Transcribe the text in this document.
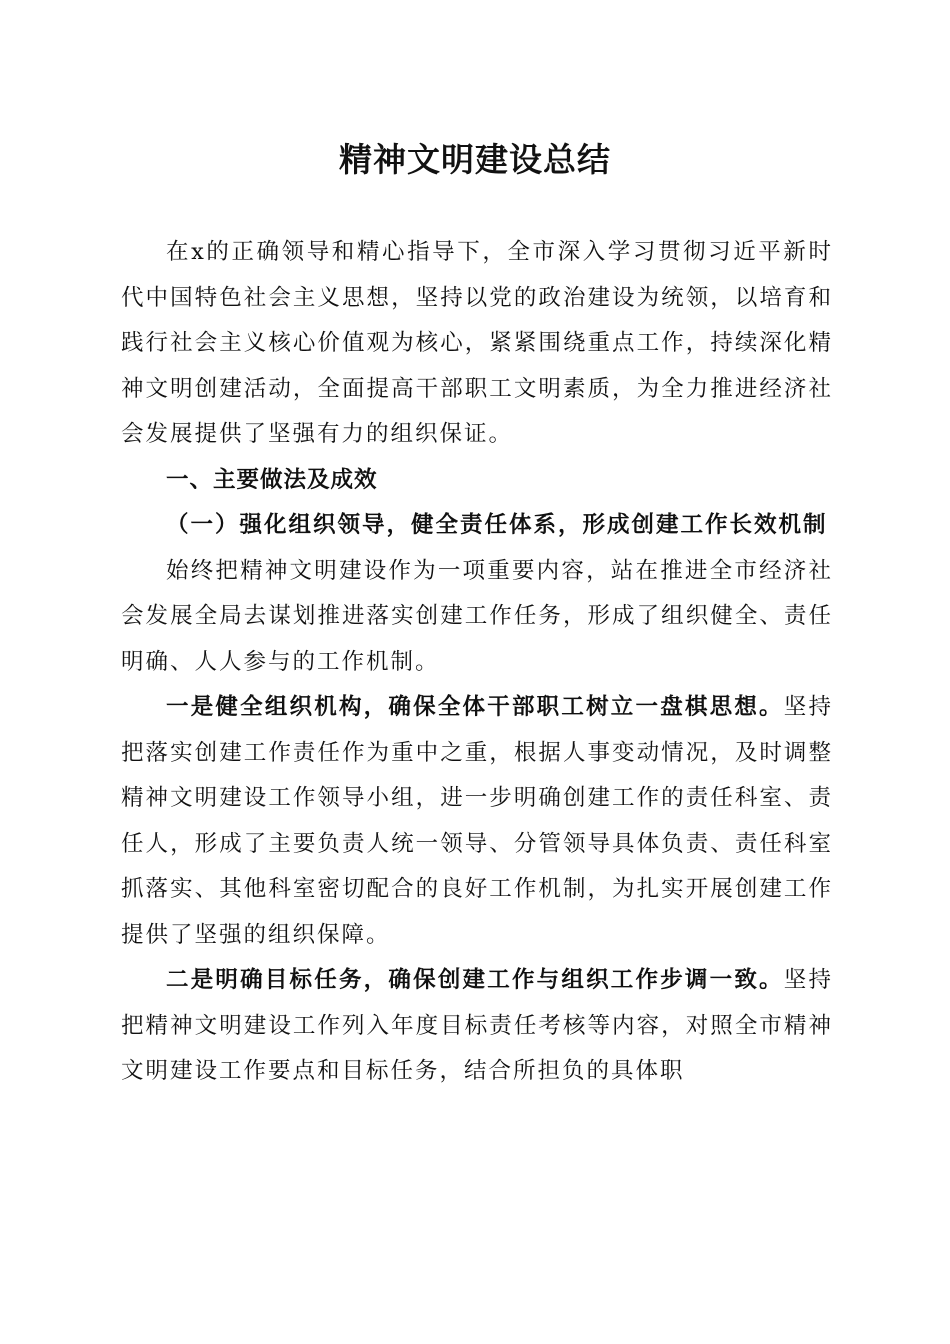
精神文明建设总结

在x的正确领导和精心指导下，全市深入学习贯彻习近平新时代中国特色社会主义思想，坚持以党的政治建设为统领，以培育和践行社会主义核心价值观为核心，紧紧围绕重点工作，持续深化精神文明创建活动，全面提高干部职工文明素质，为全力推进经济社会发展提供了坚强有力的组织保证。

一、主要做法及成效

（一）强化组织领导，健全责任体系，形成创建工作长效机制

始终把精神文明建设作为一项重要内容，站在推进全市经济社会发展全局去谋划推进落实创建工作任务，形成了组织健全、责任明确、人人参与的工作机制。

一是健全组织机构，确保全体干部职工树立一盘棋思想。坚持把落实创建工作责任作为重中之重，根据人事变动情况，及时调整精神文明建设工作领导小组，进一步明确创建工作的责任科室、责任人，形成了主要负责人统一领导、分管领导具体负责、责任科室抓落实、其他科室密切配合的良好工作机制，为扎实开展创建工作提供了坚强的组织保障。

二是明确目标任务，确保创建工作与组织工作步调一致。坚持把精神文明建设工作列入年度目标责任考核等内容，对照全市精神文明建设工作要点和目标任务，结合所担负的具体职
